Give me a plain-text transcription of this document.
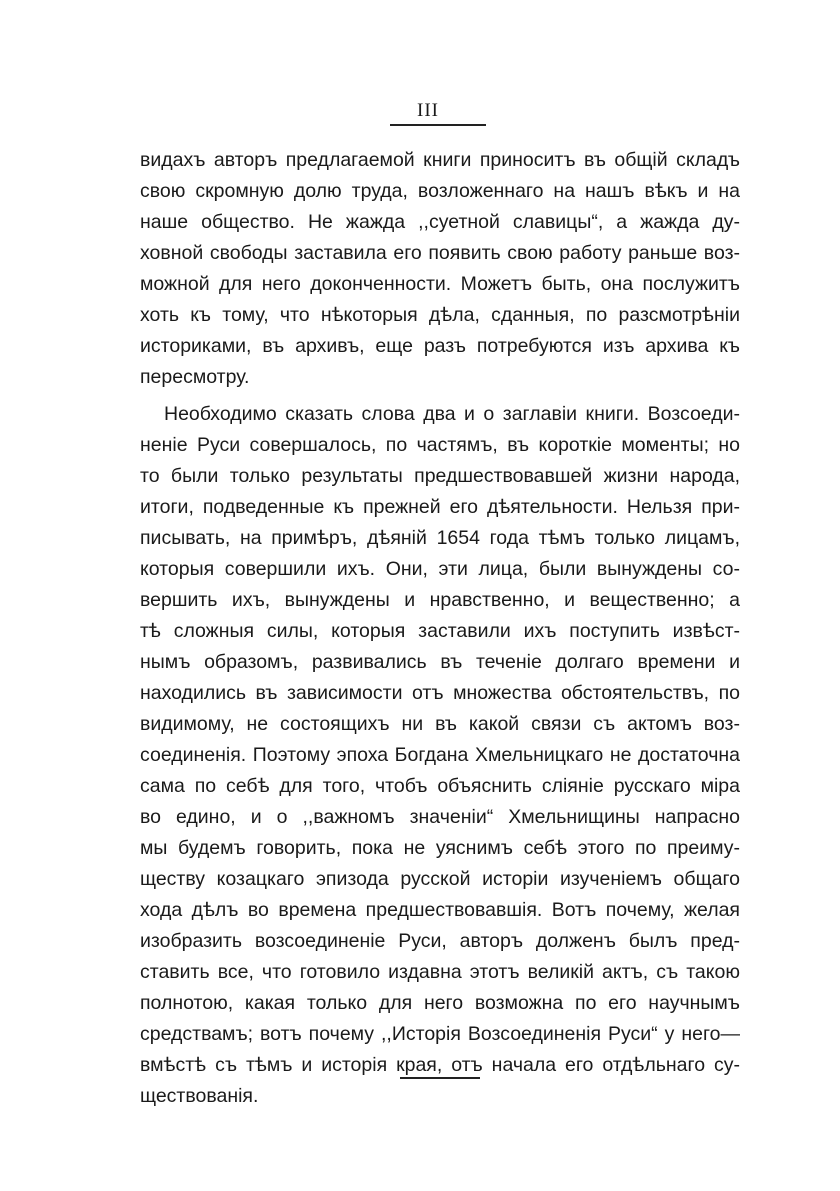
III
видахъ авторъ предлагаемой книги приноситъ въ общій складъ
свою скромную долю труда, возложеннаго на нашъ вѣкъ и на
наше общество. Не жажда ,,суетной славицы“, а жажда ду-
ховной свободы заставила его появить свою работу раньше воз-
можной для него доконченности. Можетъ быть, она послужитъ
хоть къ тому, что нѣкоторыя дѣла, сданныя, по разсмотрѣніи
историками, въ архивъ, еще разъ потребуются изъ архива къ
пересмотру.
Необходимо сказать слова два и о заглавіи книги. Возсоеди-
неніе Руси совершалось, по частямъ, въ короткіе моменты; но
то были только результаты предшествовавшей жизни народа,
итоги, подведенные къ прежней его дѣятельности. Нельзя при-
писывать, на примѣръ, дѣяній 1654 года тѣмъ только лицамъ,
которыя совершили ихъ. Они, эти лица, были вынуждены со-
вершить ихъ, вынуждены и нравственно, и вещественно; а
тѣ сложныя силы, которыя заставили ихъ поступить извѣст-
нымъ образомъ, развивались въ теченіе долгаго времени и
находились въ зависимости отъ множества обстоятельствъ, по
видимому, не состоящихъ ни въ какой связи съ актомъ воз-
соединенія. Поэтому эпоха Богдана Хмельницкаго не достаточна
сама по себѣ для того, чтобъ объяснить сліяніе русскаго міра
во едино, и о ,,важномъ значеніи“ Хмельнищины напрасно
мы будемъ говорить, пока не уяснимъ себѣ этого по преиму-
ществу козацкаго эпизода русской исторіи изученіемъ общаго
хода дѣлъ во времена предшествовавшія. Вотъ почему, желая
изобразить возсоединеніе Руси, авторъ долженъ былъ пред-
ставить все, что готовило издавна этотъ великій актъ, съ такою
полнотою, какая только для него возможна по его научнымъ
средствамъ; вотъ почему ,,Исторія Возсоединенія Руси“ у него—
вмѣстѣ съ тѣмъ и исторія края, отъ начала его отдѣльнаго су-
ществованія.
